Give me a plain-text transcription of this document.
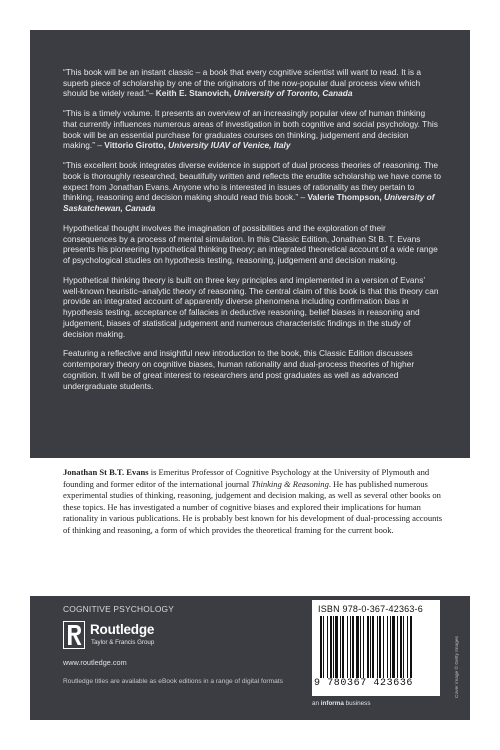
“This book will be an instant classic – a book that every cognitive scientist will want to read. It is a superb piece of scholarship by one of the originators of the now-popular dual process view which should be widely read.”– Keith E. Stanovich, University of Toronto, Canada

“This is a timely volume. It presents an overview of an increasingly popular view of human thinking that currently influences numerous areas of investigation in both cognitive and social psychology. This book will be an essential purchase for graduates courses on thinking, judgement and decision making.” – Vittorio Girotto, University IUAV of Venice, Italy

“This excellent book integrates diverse evidence in support of dual process theories of reasoning. The book is thoroughly researched, beautifully written and reflects the erudite scholarship we have come to expect from Jonathan Evans. Anyone who is interested in issues of rationality as they pertain to thinking, reasoning and decision making should read this book.” – Valerie Thompson, University of Saskatchewan, Canada

Hypothetical thought involves the imagination of possibilities and the exploration of their consequences by a process of mental simulation. In this Classic Edition, Jonathan St B. T. Evans presents his pioneering hypothetical thinking theory; an integrated theoretical account of a wide range of psychological studies on hypothesis testing, reasoning, judgement and decision making.

Hypothetical thinking theory is built on three key principles and implemented in a version of Evans’ well-known heuristic–analytic theory of reasoning. The central claim of this book is that this theory can provide an integrated account of apparently diverse phenomena including confirmation bias in hypothesis testing, acceptance of fallacies in deductive reasoning, belief biases in reasoning and judgement, biases of statistical judgement and numerous characteristic findings in the study of decision making.

Featuring a reflective and insightful new introduction to the book, this Classic Edition discusses contemporary theory on cognitive biases, human rationality and dual-process theories of higher cognition. It will be of great interest to researchers and post graduates as well as advanced undergraduate students.

Jonathan St B.T. Evans is Emeritus Professor of Cognitive Psychology at the University of Plymouth and founding and former editor of the international journal Thinking & Reasoning. He has published numerous experimental studies of thinking, reasoning, judgement and decision making, as well as several other books on these topics. He has investigated a number of cognitive biases and explored their implications for human rationality in various publications. He is probably best known for his development of dual-processing accounts of thinking and reasoning, a form of which provides the theoretical framing for the current book.

COGNITIVE PSYCHOLOGY
Routledge
Taylor & Francis Group
www.routledge.com
Routledge titles are available as eBook editions in a range of digital formats
ISBN 978-0-367-42363-6
9 780367 423636	Cover image © Getty Images
an informa business
